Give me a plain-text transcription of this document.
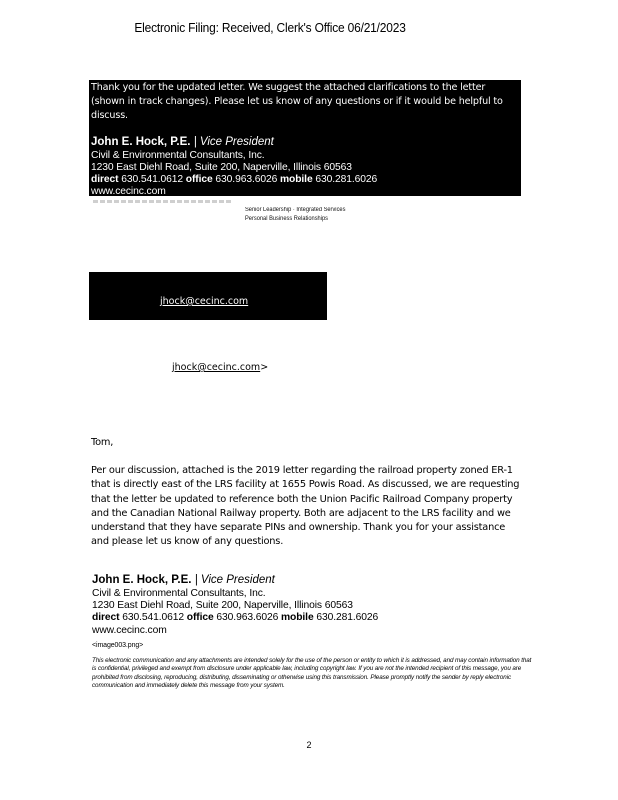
Electronic Filing: Received, Clerk's Office 06/21/2023
Thank you for the updated letter. We suggest the attached clarifications to the letter (shown in track changes). Please let us know of any questions or if it would be helpful to discuss.
John E. Hock, P.E. | Vice President
Civil & Environmental Consultants, Inc.
1230 East Diehl Road, Suite 200, Naperville, Illinois 60563
direct 630.541.0612 office 630.963.6026 mobile 630.281.6026
www.cecinc.com
Senior Leadership · Integrated Services
Personal Business Relationships
jhock@cecinc.com
jhock@cecinc.com>

Tom,

Per our discussion, attached is the 2019 letter regarding the railroad property zoned ER-1 that is directly east of the LRS facility at 1655 Powis Road. As discussed, we are requesting that the letter be updated to reference both the Union Pacific Railroad Company property and the Canadian National Railway property. Both are adjacent to the LRS facility and we understand that they have separate PINs and ownership. Thank you for your assistance and please let us know of any questions.

John E. Hock, P.E. | Vice President
Civil & Environmental Consultants, Inc.
1230 East Diehl Road, Suite 200, Naperville, Illinois 60563
direct 630.541.0612 office 630.963.6026 mobile 630.281.6026
www.cecinc.com
<image003.png>
This electronic communication and any attachments are intended solely for the use of the person or entity to which it is addressed, and may contain information that is confidential, privileged and exempt from disclosure under applicable law, including copyright law. If you are not the intended recipient of this message, you are prohibited from disclosing, reproducing, distributing, disseminating or otherwise using this transmission. Please promptly notify the sender by reply electronic communication and immediately delete this message from your system.
2
